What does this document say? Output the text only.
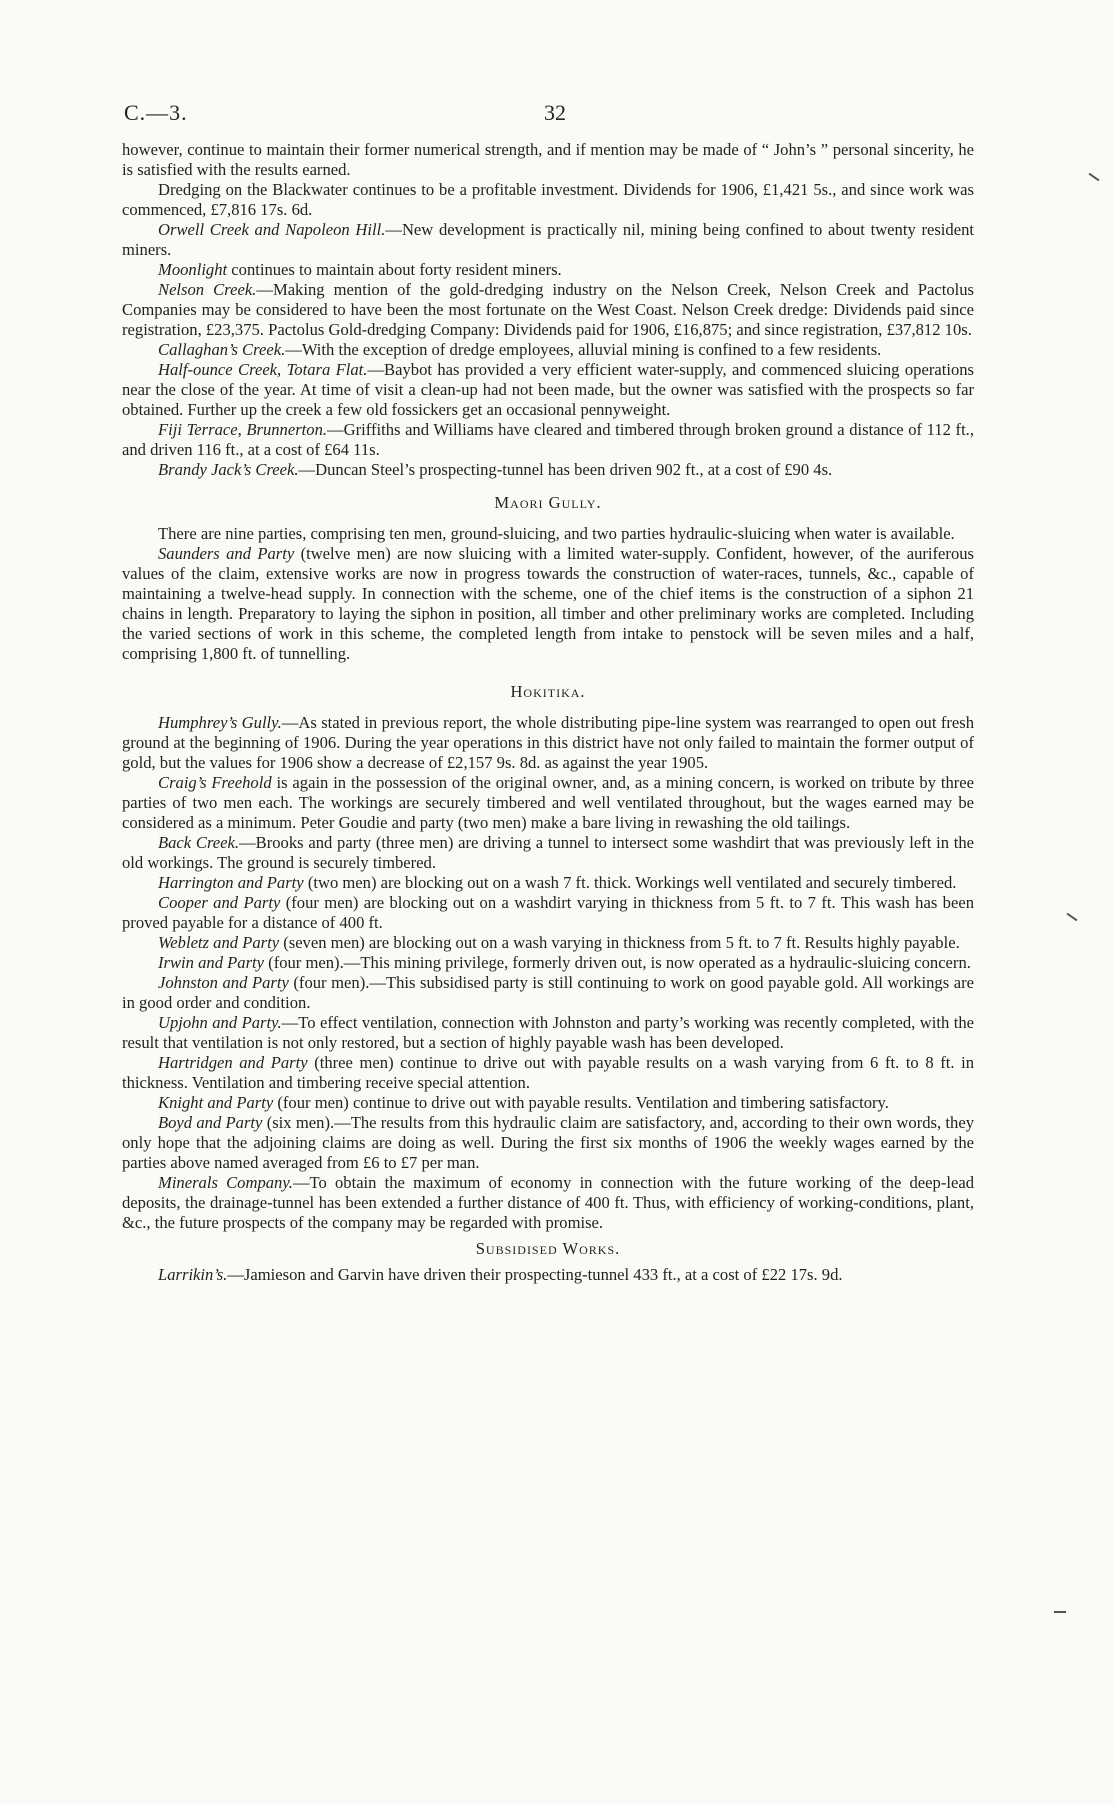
C.—3.	32

however, continue to maintain their former numerical strength, and if mention may be made of “ John’s ” personal sincerity, he is satisfied with the results earned.

Dredging on the Blackwater continues to be a profitable investment. Dividends for 1906, £1,421 5s., and since work was commenced, £7,816 17s. 6d.

Orwell Creek and Napoleon Hill.—New development is practically nil, mining being confined to about twenty resident miners.

Moonlight continues to maintain about forty resident miners.

Nelson Creek.—Making mention of the gold-dredging industry on the Nelson Creek, Nelson Creek and Pactolus Companies may be considered to have been the most fortunate on the West Coast. Nelson Creek dredge: Dividends paid since registration, £23,375. Pactolus Gold-dredging Company: Dividends paid for 1906, £16,875; and since registration, £37,812 10s.

Callaghan’s Creek.—With the exception of dredge employees, alluvial mining is confined to a few residents.

Half-ounce Creek, Totara Flat.—Baybot has provided a very efficient water-supply, and commenced sluicing operations near the close of the year. At time of visit a clean-up had not been made, but the owner was satisfied with the prospects so far obtained. Further up the creek a few old fossickers get an occasional pennyweight.

Fiji Terrace, Brunnerton.—Griffiths and Williams have cleared and timbered through broken ground a distance of 112 ft., and driven 116 ft., at a cost of £64 11s.

Brandy Jack’s Creek.—Duncan Steel’s prospecting-tunnel has been driven 902 ft., at a cost of £90 4s.

Maori Gully.

There are nine parties, comprising ten men, ground-sluicing, and two parties hydraulic-sluicing when water is available.

Saunders and Party (twelve men) are now sluicing with a limited water-supply. Confident, however, of the auriferous values of the claim, extensive works are now in progress towards the construction of water-races, tunnels, &c., capable of maintaining a twelve-head supply. In connection with the scheme, one of the chief items is the construction of a siphon 21 chains in length. Preparatory to laying the siphon in position, all timber and other preliminary works are completed. Including the varied sections of work in this scheme, the completed length from intake to penstock will be seven miles and a half, comprising 1,800 ft. of tunnelling.

Hokitika.

Humphrey’s Gully.—As stated in previous report, the whole distributing pipe-line system was rearranged to open out fresh ground at the beginning of 1906. During the year operations in this district have not only failed to maintain the former output of gold, but the values for 1906 show a decrease of £2,157 9s. 8d. as against the year 1905.

Craig’s Freehold is again in the possession of the original owner, and, as a mining concern, is worked on tribute by three parties of two men each. The workings are securely timbered and well ventilated throughout, but the wages earned may be considered as a minimum. Peter Goudie and party (two men) make a bare living in rewashing the old tailings.

Back Creek.—Brooks and party (three men) are driving a tunnel to intersect some washdirt that was previously left in the old workings. The ground is securely timbered.

Harrington and Party (two men) are blocking out on a wash 7 ft. thick. Workings well ventilated and securely timbered.

Cooper and Party (four men) are blocking out on a washdirt varying in thickness from 5 ft. to 7 ft. This wash has been proved payable for a distance of 400 ft.

Webletz and Party (seven men) are blocking out on a wash varying in thickness from 5 ft. to 7 ft. Results highly payable.

Irwin and Party (four men).—This mining privilege, formerly driven out, is now operated as a hydraulic-sluicing concern.

Johnston and Party (four men).—This subsidised party is still continuing to work on good payable gold. All workings are in good order and condition.

Upjohn and Party.—To effect ventilation, connection with Johnston and party’s working was recently completed, with the result that ventilation is not only restored, but a section of highly payable wash has been developed.

Hartridgen and Party (three men) continue to drive out with payable results on a wash varying from 6 ft. to 8 ft. in thickness. Ventilation and timbering receive special attention.

Knight and Party (four men) continue to drive out with payable results. Ventilation and timbering satisfactory.

Boyd and Party (six men).—The results from this hydraulic claim are satisfactory, and, according to their own words, they only hope that the adjoining claims are doing as well. During the first six months of 1906 the weekly wages earned by the parties above named averaged from £6 to £7 per man.

Minerals Company.—To obtain the maximum of economy in connection with the future working of the deep-lead deposits, the drainage-tunnel has been extended a further distance of 400 ft. Thus, with efficiency of working-conditions, plant, &c., the future prospects of the company may be regarded with promise.

Subsidised Works.

Larrikin’s.—Jamieson and Garvin have driven their prospecting-tunnel 433 ft., at a cost of £22 17s. 9d.
